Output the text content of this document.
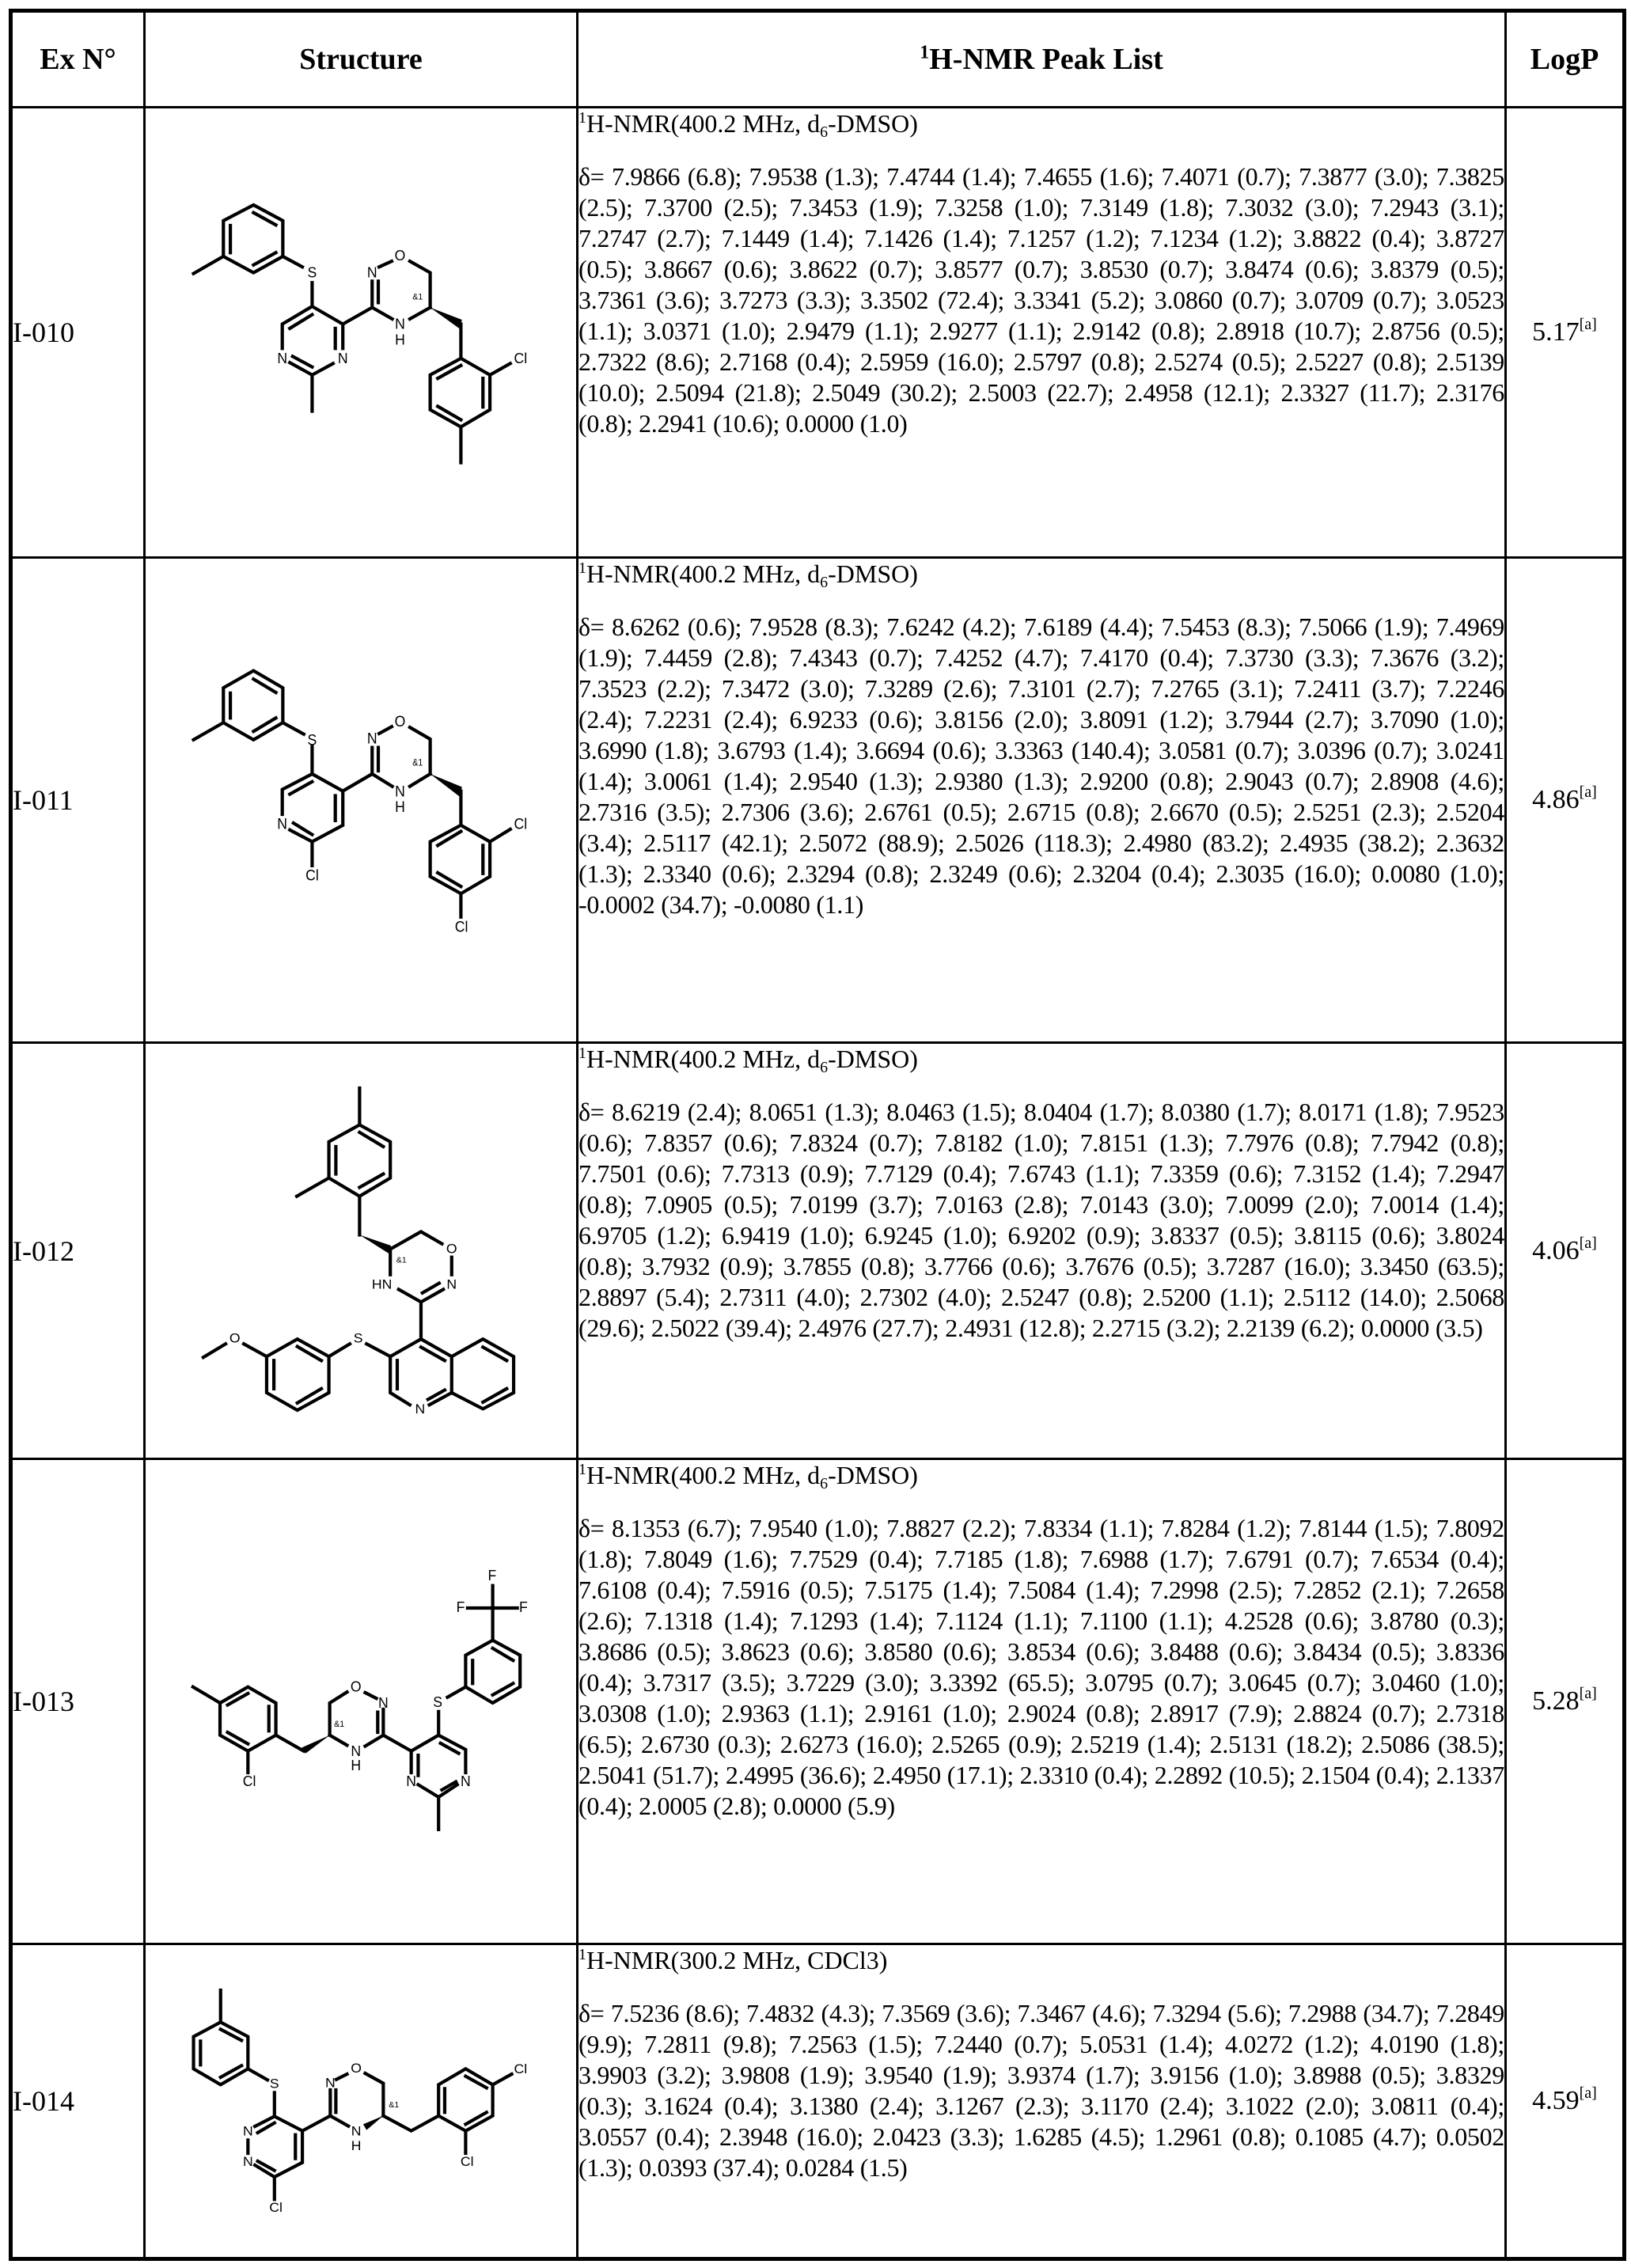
Ex N°	Structure	1H-NMR Peak List	LogP
I-010		

1H-NMR(400.2 MHz, d6-DMSO)

δ= 7.9866 (6.8); 7.9538 (1.3); 7.4744 (1.4); 7.4655 (1.6); 7.4071 (0.7); 7.3877 (3.0); 7.3825 (2.5); 7.3700 (2.5); 7.3453 (1.9); 7.3258 (1.0); 7.3149 (1.8); 7.3032 (3.0); 7.2943 (3.1); 7.2747 (2.7); 7.1449 (1.4); 7.1426 (1.4); 7.1257 (1.2); 7.1234 (1.2); 3.8822 (0.4); 3.8727 (0.5); 3.8667 (0.6); 3.8622 (0.7); 3.8577 (0.7); 3.8530 (0.7); 3.8474 (0.6); 3.8379 (0.5); 3.7361 (3.6); 3.7273 (3.3); 3.3502 (72.4); 3.3341 (5.2); 3.0860 (0.7); 3.0709 (0.7); 3.0523 (1.1); 3.0371 (1.0); 2.9479 (1.1); 2.9277 (1.1); 2.9142 (0.8); 2.8918 (10.7); 2.8756 (0.5); 2.7322 (8.6); 2.7168 (0.4); 2.5959 (16.0); 2.5797 (0.8); 2.5274 (0.5); 2.5227 (0.8); 2.5139 (10.0); 2.5094 (21.8); 2.5049 (30.2); 2.5003 (22.7); 2.4958 (12.1); 2.3327 (11.7); 2.3176 (0.8); 2.2941 (10.6); 0.0000 (1.0)

	5.17[a]
I-011		

1H-NMR(400.2 MHz, d6-DMSO)

δ= 8.6262 (0.6); 7.9528 (8.3); 7.6242 (4.2); 7.6189 (4.4); 7.5453 (8.3); 7.5066 (1.9); 7.4969 (1.9); 7.4459 (2.8); 7.4343 (0.7); 7.4252 (4.7); 7.4170 (0.4); 7.3730 (3.3); 7.3676 (3.2); 7.3523 (2.2); 7.3472 (3.0); 7.3289 (2.6); 7.3101 (2.7); 7.2765 (3.1); 7.2411 (3.7); 7.2246 (2.4); 7.2231 (2.4); 6.9233 (0.6); 3.8156 (2.0); 3.8091 (1.2); 3.7944 (2.7); 3.7090 (1.0); 3.6990 (1.8); 3.6793 (1.4); 3.6694 (0.6); 3.3363 (140.4); 3.0581 (0.7); 3.0396 (0.7); 3.0241 (1.4); 3.0061 (1.4); 2.9540 (1.3); 2.9380 (1.3); 2.9200 (0.8); 2.9043 (0.7); 2.8908 (4.6); 2.7316 (3.5); 2.7306 (3.6); 2.6761 (0.5); 2.6715 (0.8); 2.6670 (0.5); 2.5251 (2.3); 2.5204 (3.4); 2.5117 (42.1); 2.5072 (88.9); 2.5026 (118.3); 2.4980 (83.2); 2.4935 (38.2); 2.3632 (1.3); 2.3340 (0.6); 2.3294 (0.8); 2.3249 (0.6); 2.3204 (0.4); 2.3035 (16.0); 0.0080 (1.0); -0.0002 (34.7); -0.0080 (1.1)

	4.86[a]
I-012		

1H-NMR(400.2 MHz, d6-DMSO)

δ= 8.6219 (2.4); 8.0651 (1.3); 8.0463 (1.5); 8.0404 (1.7); 8.0380 (1.7); 8.0171 (1.8); 7.9523 (0.6); 7.8357 (0.6); 7.8324 (0.7); 7.8182 (1.0); 7.8151 (1.3); 7.7976 (0.8); 7.7942 (0.8); 7.7501 (0.6); 7.7313 (0.9); 7.7129 (0.4); 7.6743 (1.1); 7.3359 (0.6); 7.3152 (1.4); 7.2947 (0.8); 7.0905 (0.5); 7.0199 (3.7); 7.0163 (2.8); 7.0143 (3.0); 7.0099 (2.0); 7.0014 (1.4); 6.9705 (1.2); 6.9419 (1.0); 6.9245 (1.0); 6.9202 (0.9); 3.8337 (0.5); 3.8115 (0.6); 3.8024 (0.8); 3.7932 (0.9); 3.7855 (0.8); 3.7766 (0.6); 3.7676 (0.5); 3.7287 (16.0); 3.3450 (63.5); 2.8897 (5.4); 2.7311 (4.0); 2.7302 (4.0); 2.5247 (0.8); 2.5200 (1.1); 2.5112 (14.0); 2.5068 (29.6); 2.5022 (39.4); 2.4976 (27.7); 2.4931 (12.8); 2.2715 (3.2); 2.2139 (6.2); 0.0000 (3.5)

	4.06[a]
I-013		

1H-NMR(400.2 MHz, d6-DMSO)

δ= 8.1353 (6.7); 7.9540 (1.0); 7.8827 (2.2); 7.8334 (1.1); 7.8284 (1.2); 7.8144 (1.5); 7.8092 (1.8); 7.8049 (1.6); 7.7529 (0.4); 7.7185 (1.8); 7.6988 (1.7); 7.6791 (0.7); 7.6534 (0.4); 7.6108 (0.4); 7.5916 (0.5); 7.5175 (1.4); 7.5084 (1.4); 7.2998 (2.5); 7.2852 (2.1); 7.2658 (2.6); 7.1318 (1.4); 7.1293 (1.4); 7.1124 (1.1); 7.1100 (1.1); 4.2528 (0.6); 3.8780 (0.3); 3.8686 (0.5); 3.8623 (0.6); 3.8580 (0.6); 3.8534 (0.6); 3.8488 (0.6); 3.8434 (0.5); 3.8336 (0.4); 3.7317 (3.5); 3.7229 (3.0); 3.3392 (65.5); 3.0795 (0.7); 3.0645 (0.7); 3.0460 (1.0); 3.0308 (1.0); 2.9363 (1.1); 2.9161 (1.0); 2.9024 (0.8); 2.8917 (7.9); 2.8824 (0.7); 2.7318 (6.5); 2.6730 (0.3); 2.6273 (16.0); 2.5265 (0.9); 2.5219 (1.4); 2.5131 (18.2); 2.5086 (38.5); 2.5041 (51.7); 2.4995 (36.6); 2.4950 (17.1); 2.3310 (0.4); 2.2892 (10.5); 2.1504 (0.4); 2.1337 (0.4); 2.0005 (2.8); 0.0000 (5.9)

	5.28[a]
I-014		

1H-NMR(300.2 MHz, CDCl3)

δ= 7.5236 (8.6); 7.4832 (4.3); 7.3569 (3.6); 7.3467 (4.6); 7.3294 (5.6); 7.2988 (34.7); 7.2849 (9.9); 7.2811 (9.8); 7.2563 (1.5); 7.2440 (0.7); 5.0531 (1.4); 4.0272 (1.2); 4.0190 (1.8); 3.9903 (3.2); 3.9808 (1.9); 3.9540 (1.9); 3.9374 (1.7); 3.9156 (1.0); 3.8988 (0.5); 3.8329 (0.3); 3.1624 (0.4); 3.1380 (2.4); 3.1267 (2.3); 3.1170 (2.4); 3.1022 (2.0); 3.0811 (0.4); 3.0557 (0.4); 2.3948 (16.0); 2.0423 (3.3); 1.6285 (4.5); 1.2961 (0.8); 0.1085 (4.7); 0.0502 (1.3); 0.0393 (37.4); 0.0284 (1.5)

	4.59[a]
S
N
N
N
O
N
H
&1
Cl
S
N
Cl
N
O
N
H
&1
Cl
Cl
O
&1
HN N
S
O
N
Cl
O
N
&1
N
H
N N
S
F
F F
S
N
N
Cl
N
O
N
H
&1
Cl
Cl
